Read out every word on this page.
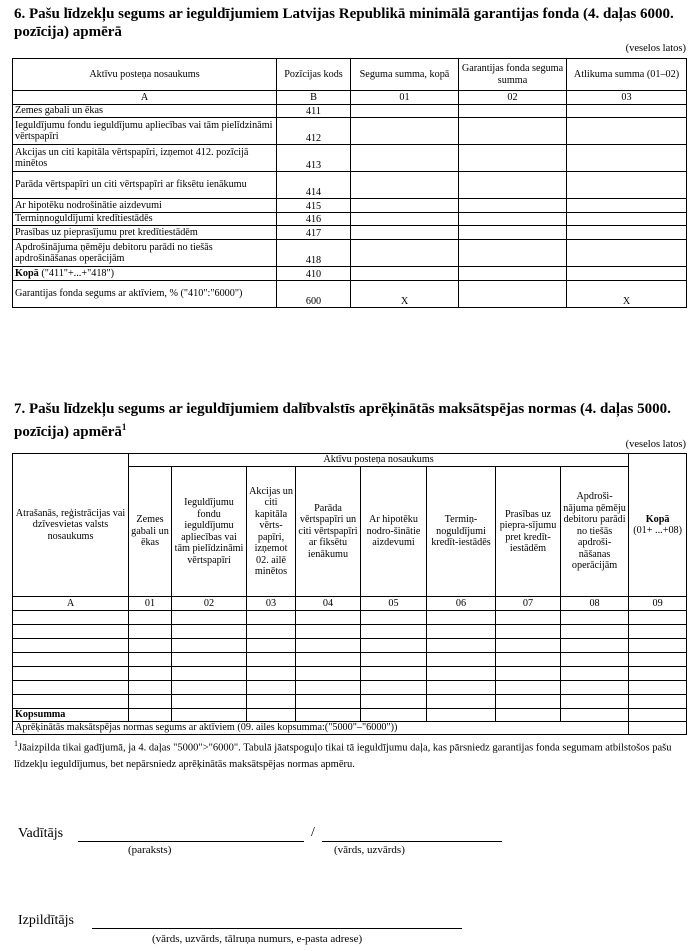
6. Pašu līdzekļu segums ar ieguldījumiem Latvijas Republikā minimālā garantijas fonda (4. daļas 6000. pozīcija) apmērā
(veselos latos)
Aktīvu posteņa nosaukums	Pozīcijas kods	Seguma summa, kopā	Garantijas fonda seguma summa	Atlikuma summa (01–02)
A	B	01	02	03
Zemes gabali un ēkas	411			
Ieguldījumu fondu ieguldījumu apliecības vai tām pielīdzināmi vērtspapīri	412			
Akcijas un citi kapitāla vērtspapīri, izņemot 412. pozīcijā minētos	413			
Parāda vērtspapīri un citi vērtspapīri ar fiksētu ienākumu	414			
Ar hipotēku nodrošinātie aizdevumi	415			
Termiņnoguldījumi kredītiestādēs	416			
Prasības uz pieprasījumu pret kredītiestādēm	417			
Apdrošinājuma ņēmēju debitoru parādi no tiešās apdrošināšanas operācijām	418			
Kopā ("411"+...+"418")	410			
Garantijas fonda segums ar aktīviem, % ("410":"6000")	600	X		X
7. Pašu līdzekļu segums ar ieguldījumiem dalībvalstīs aprēķinātās maksātspējas normas (4. daļas 5000. pozīcija) apmērā$^1$
(veselos latos)
Atrašanās, reģistrācijas vai dzīvesvietas valsts nosaukums	Aktīvu posteņa nosaukums								Kopā
(01+ ...+08)
	Zemes gabali un ēkas	Ieguldījumu fondu ieguldījumu apliecības vai tām pielīdzināmi vērtspapīri	Akcijas un citi kapitāla vērts-papīri, izņemot 02. ailē minētos	Parāda vērtspapīri un citi vērtspapīri ar fiksētu ienākumu	Ar hipotēku nodro-šinātie aizdevumi	Termiņ-noguldījumi kredīt-iestādēs	Prasības uz piepra-sījumu pret kredīt-iestādēm	Apdroši-nājuma ņēmēju debitoru parādi no tiešās apdroši-nāšanas operācijām	
A	01	02	03	04	05	06	07	08	09

Kopsumma									
Aprēķinātās maksātspējas normas segums ar aktīviem (09. ailes kopsumma:("5000"–"6000"))									
$^1$Jāaizpilda tikai gadījumā, ja 4. daļas "5000">"6000". Tabulā jāatspoguļo tikai tā ieguldījumu daļa, kas pārsniedz garantijas fonda segumam atbilstošos pašu līdzekļu ieguldījumus, bet nepārsniedz aprēķinātās maksātspējas normas apmēru.
Vadītājs	/
(paraksts)	(vārds, uzvārds)
Izpildītājs
(vārds, uzvārds, tālruņa numurs, e-pasta adrese)
